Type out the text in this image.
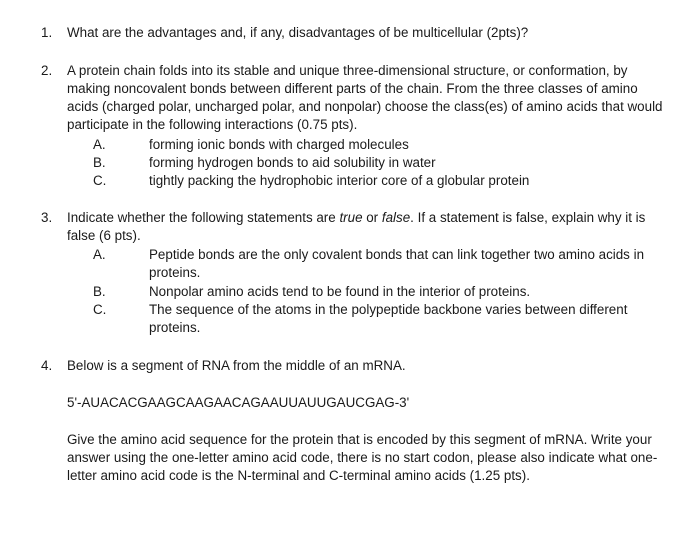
1. What are the advantages and, if any, disadvantages of be multicellular (2pts)?
2. A protein chain folds into its stable and unique three-dimensional structure, or conformation, by making noncovalent bonds between different parts of the chain. From the three classes of amino acids (charged polar, uncharged polar, and nonpolar) choose the class(es) of amino acids that would participate in the following interactions (0.75 pts).
A.	forming ionic bonds with charged molecules
B.	forming hydrogen bonds to aid solubility in water
C.	tightly packing the hydrophobic interior core of a globular protein
3. Indicate whether the following statements are true or false. If a statement is false, explain why it is false (6 pts).
A.	Peptide bonds are the only covalent bonds that can link together two amino acids in proteins.
B.	Nonpolar amino acids tend to be found in the interior of proteins.
C.	The sequence of the atoms in the polypeptide backbone varies between different proteins.
4. Below is a segment of RNA from the middle of an mRNA.
5'-AUACACGAAGCAAGAACAGAAUUAUUGAUCGAG-3'
Give the amino acid sequence for the protein that is encoded by this segment of mRNA. Write your answer using the one-letter amino acid code, there is no start codon, please also indicate what one-letter amino acid code is the N-terminal and C-terminal amino acids (1.25 pts).
